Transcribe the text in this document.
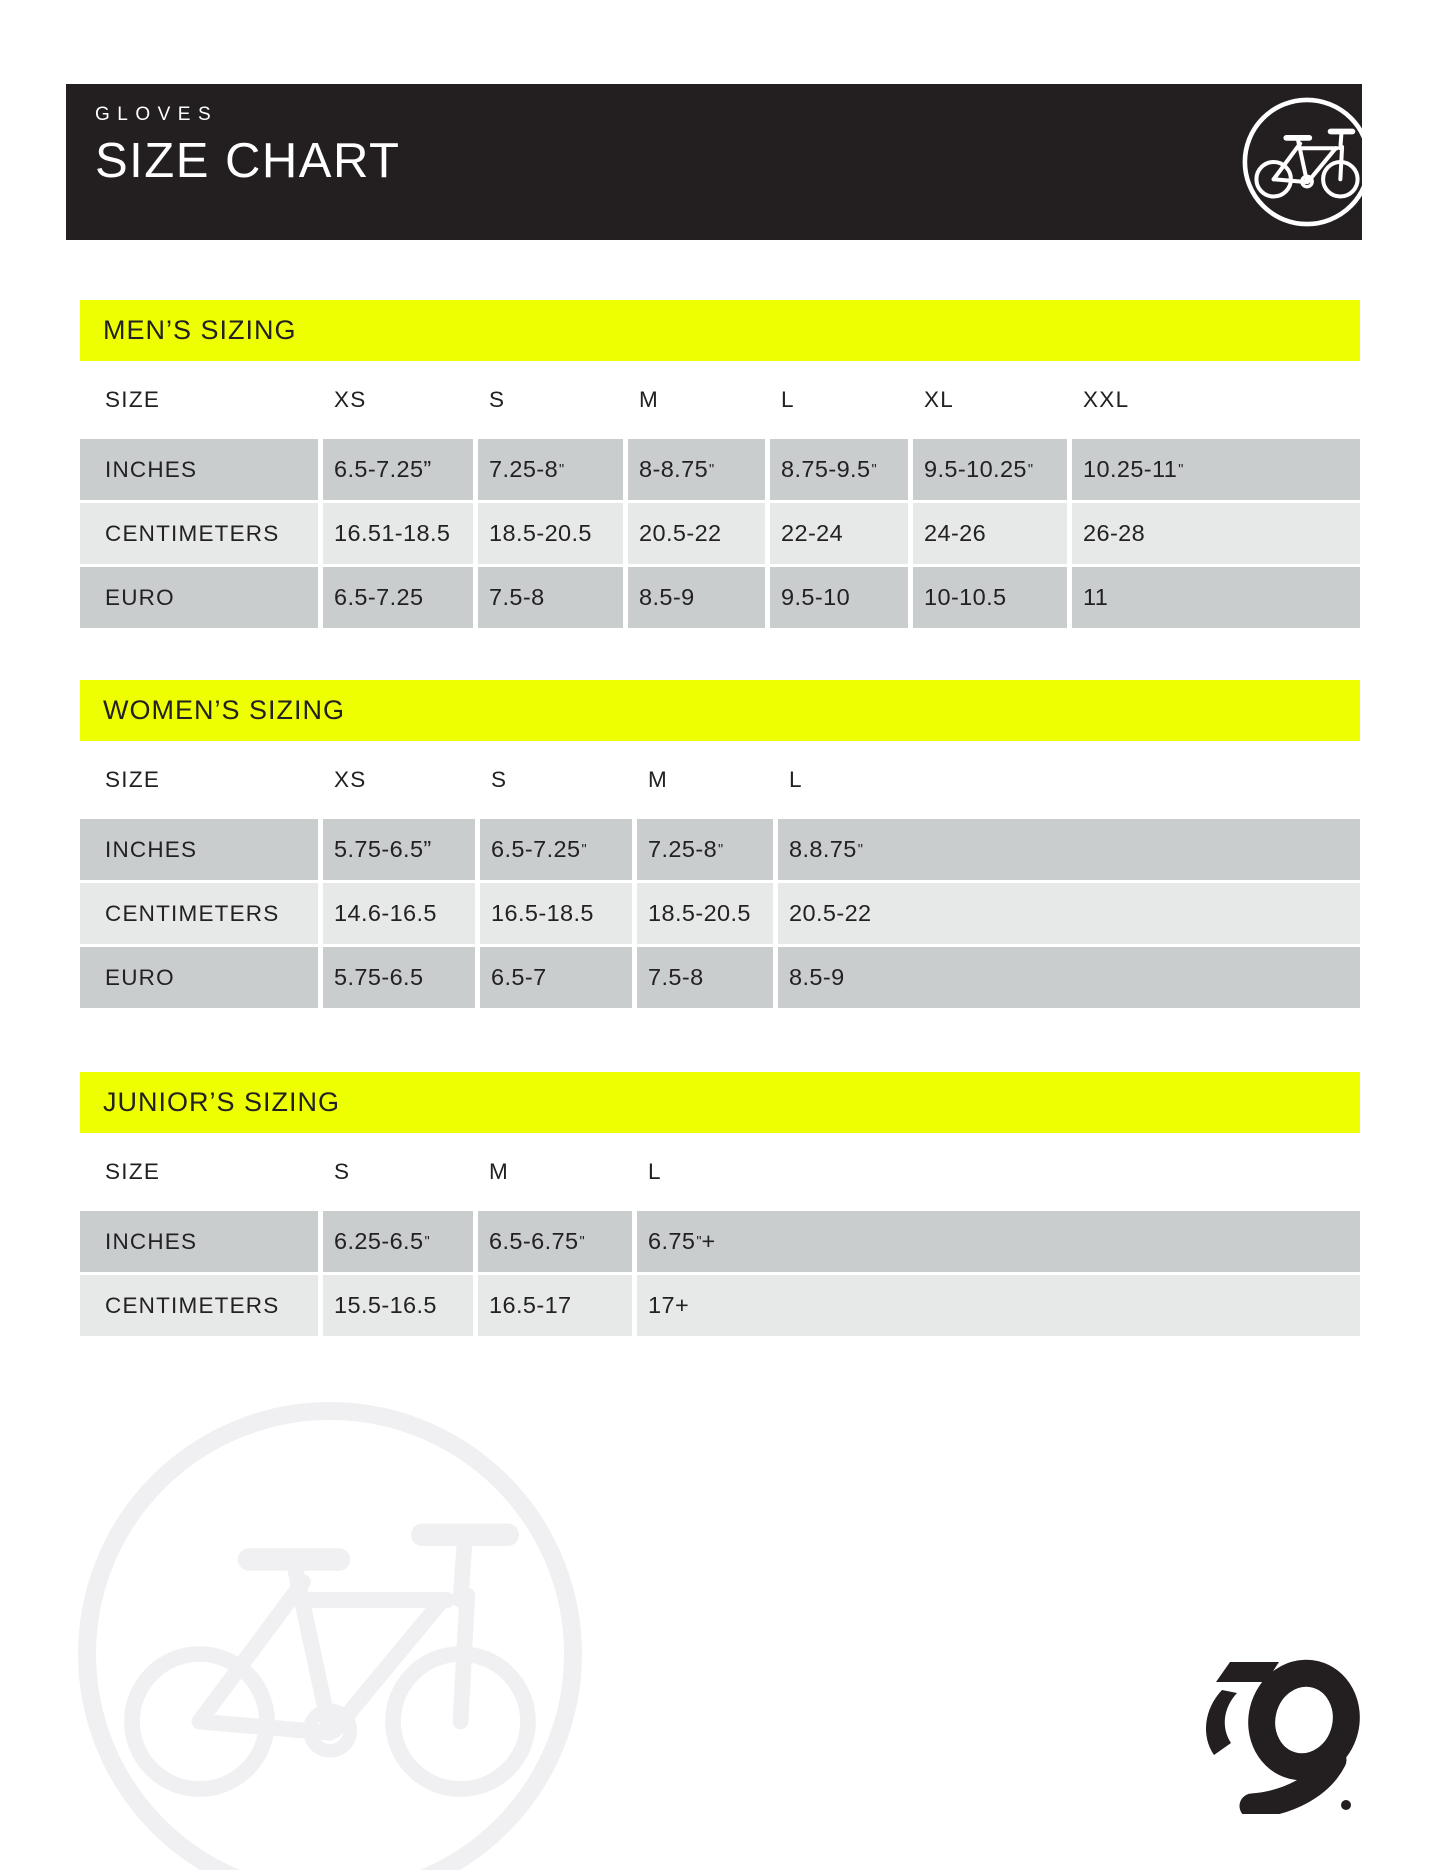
GLOVES
SIZE CHART
MEN’S SIZING
SIZE	XS	S	M	L	XL	XXL
INCHES	6.5-7.25”	7.25-8 "	8-8.75 "	8.75-9.5 "	9.5-10.25 "	10.25-11 "
CENTIMETERS	16.51-18.5	18.5-20.5	20.5-22	22-24	24-26	26-28
EURO	6.5-7.25	7.5-8	8.5-9	9.5-10	10-10.5	11
WOMEN’S SIZING
SIZE	XS	S	M	L
INCHES	5.75-6.5”	6.5-7.25 "	7.25-8 "	8.8.75 "
CENTIMETERS	14.6-16.5	16.5-18.5	18.5-20.5	20.5-22
EURO	5.75-6.5	6.5-7	7.5-8	8.5-9
JUNIOR’S SIZING
SIZE	S	M	L
INCHES	6.25-6.5 "	6.5-6.75 "	6.75 " +
CENTIMETERS	15.5-16.5	16.5-17	17+
